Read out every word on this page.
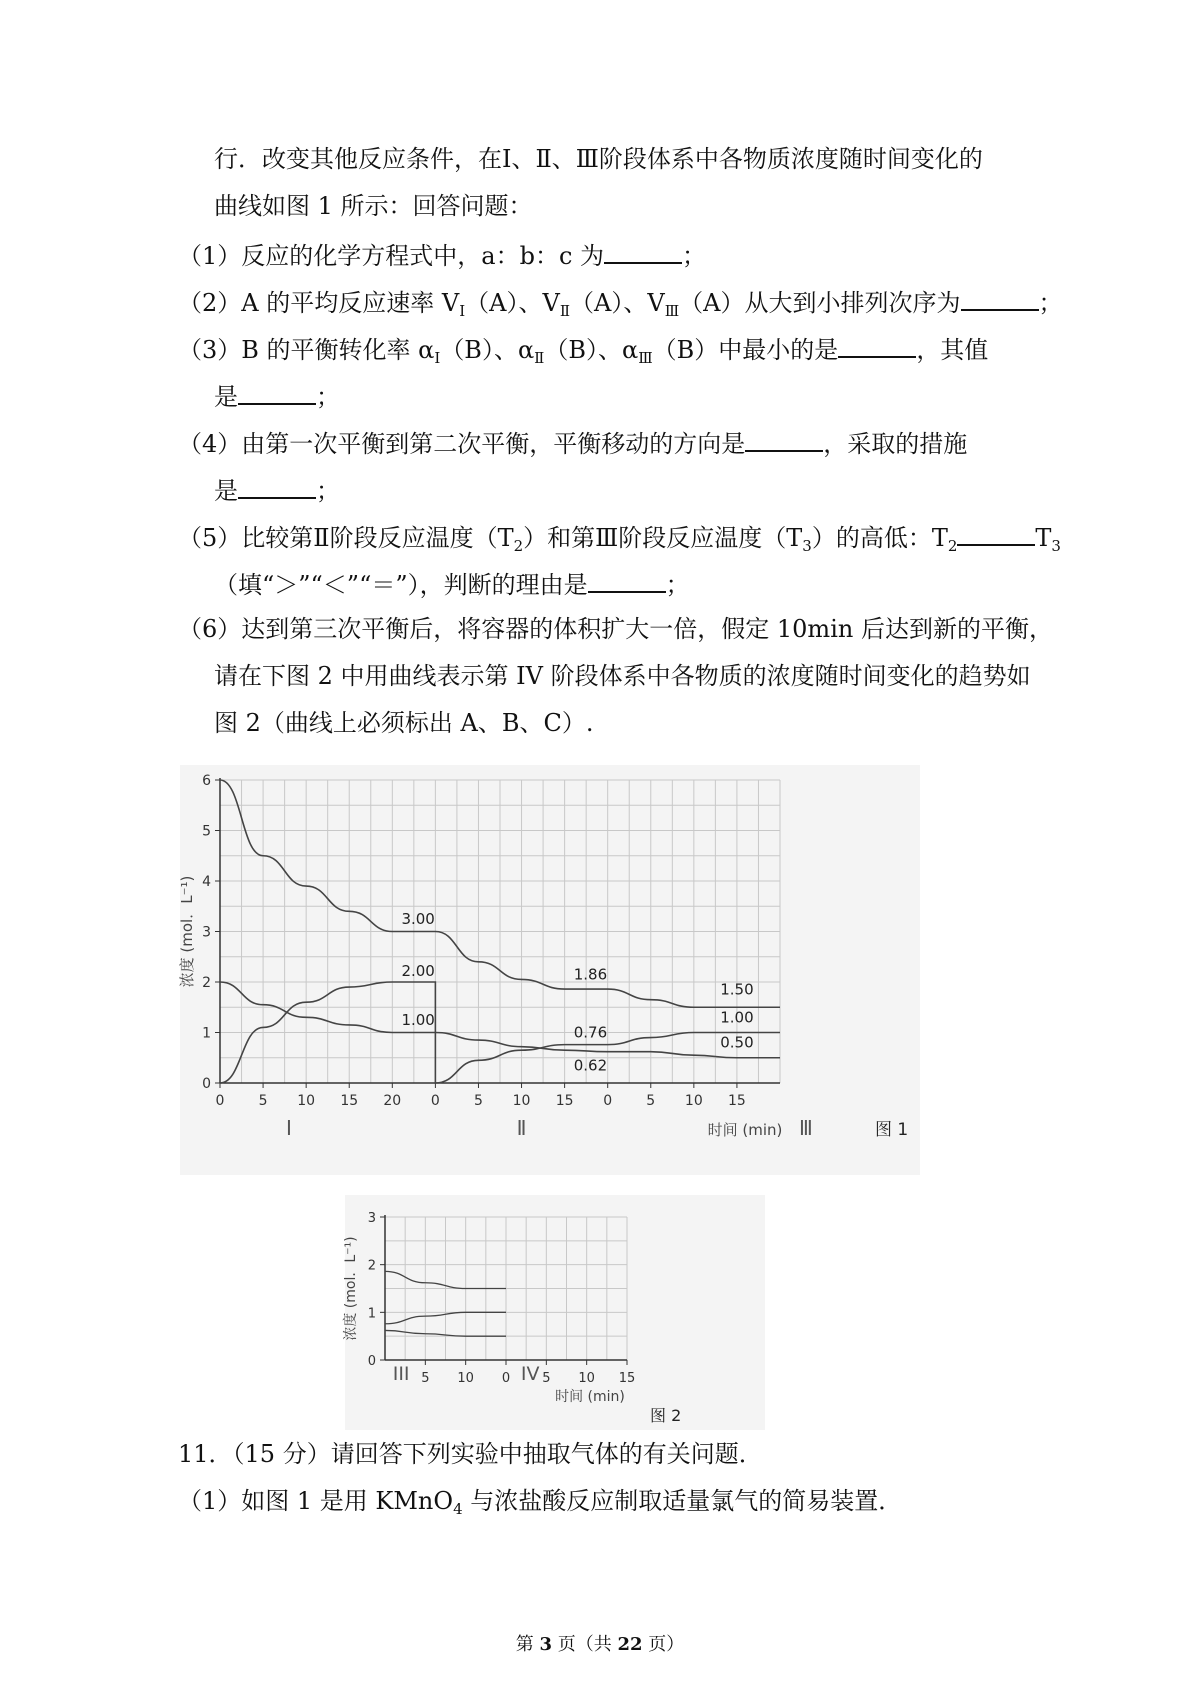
行．改变其他反应条件，在Ⅰ、Ⅱ、Ⅲ阶段体系中各物质浓度随时间变化的
曲线如图 1 所示：回答问题：
（1）反应的化学方程式中，a：b：c 为	；
（2）A 的平均反应速率 $V_Ⅰ(A)$、$V_Ⅱ(A)$、$V_Ⅲ(A)$从大到小排列次序为	；
（3）B 的平衡转化率 $\alpha_Ⅰ(B)$、$\alpha_Ⅱ(B)$、$\alpha_Ⅲ(B)$中最小的是	，其值
是	；
（4）由第一次平衡到第二次平衡，平衡移动的方向是	，采取的措施
是	；
（5）比较第Ⅱ阶段反应温度$(T_2)$和第Ⅲ阶段反应温度$(T_3)$的高低：$T_2$	$T_3$
（填“＞”“＜”“＝”），判断的理由是	；
（6）达到第三次平衡后，将容器的体积扩大一倍，假定 10min 后达到新的平衡，
请在下图 2 中用曲线表示第 IV 阶段体系中各物质的浓度随时间变化的趋势如
图 2（曲线上必须标出 A、B、C）.
0
1
2
3
4
5
6
0 5 10 15 20
Ⅰ
0 5 10 15
Ⅱ
0 5 10 15
Ⅲ
浓度 (mol．L⁻¹)
时间 (min)	图 1
3.00
2.00
1.00
1.86
0.76
0.62
1.50
1.00
0.50
0
1
2
3
5 10 0
III	5 10 15
IV
浓度 (mol．L⁻¹)
时间 (min)
图 2
11．（15 分）请回答下列实验中抽取气体的有关问题．
（1）如图 1 是用 KMnO$_4$ 与浓盐酸反应制取适量氯气的简易装置．
第 3 页（共 22 页）
